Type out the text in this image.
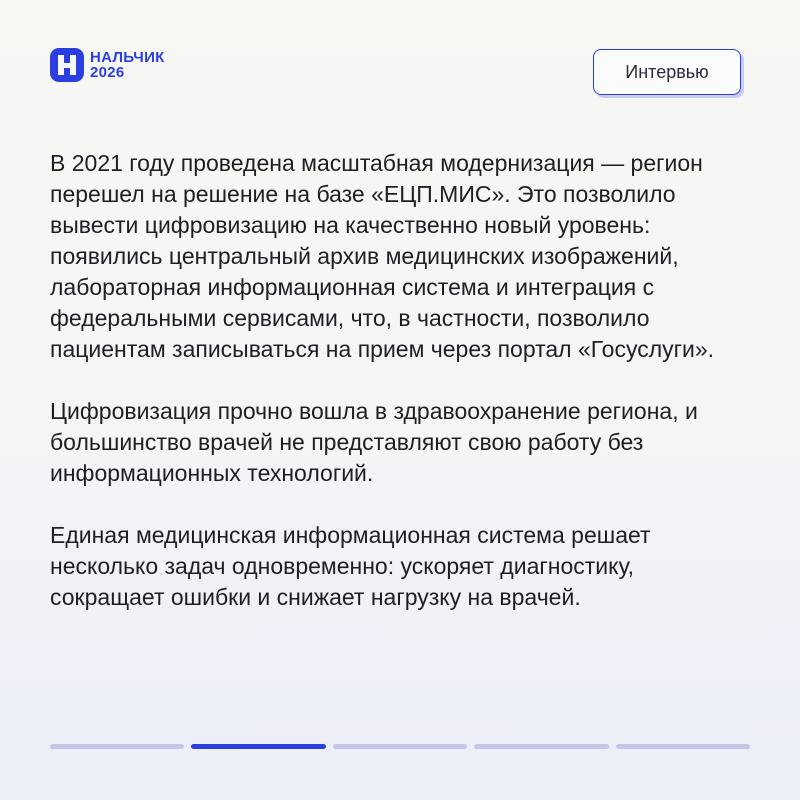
НАЛЬЧИК
2026	Интервью

В 2021 году проведена масштабная модернизация — регион перешел на решение на базе «ЕЦП.МИС». Это позволило вывести цифровизацию на качественно новый уровень: появились центральный архив медицинских изображений, лабораторная информационная система и интеграция с федеральными сервисами, что, в частности, позволило пациентам записываться на прием через портал «Госуслуги».

Цифровизация прочно вошла в здравоохранение региона, и большинство врачей не представляют свою работу без информационных технологий.

Единая медицинская информационная система решает несколько задач одновременно: ускоряет диагностику, сокращает ошибки и снижает нагрузку на врачей.
